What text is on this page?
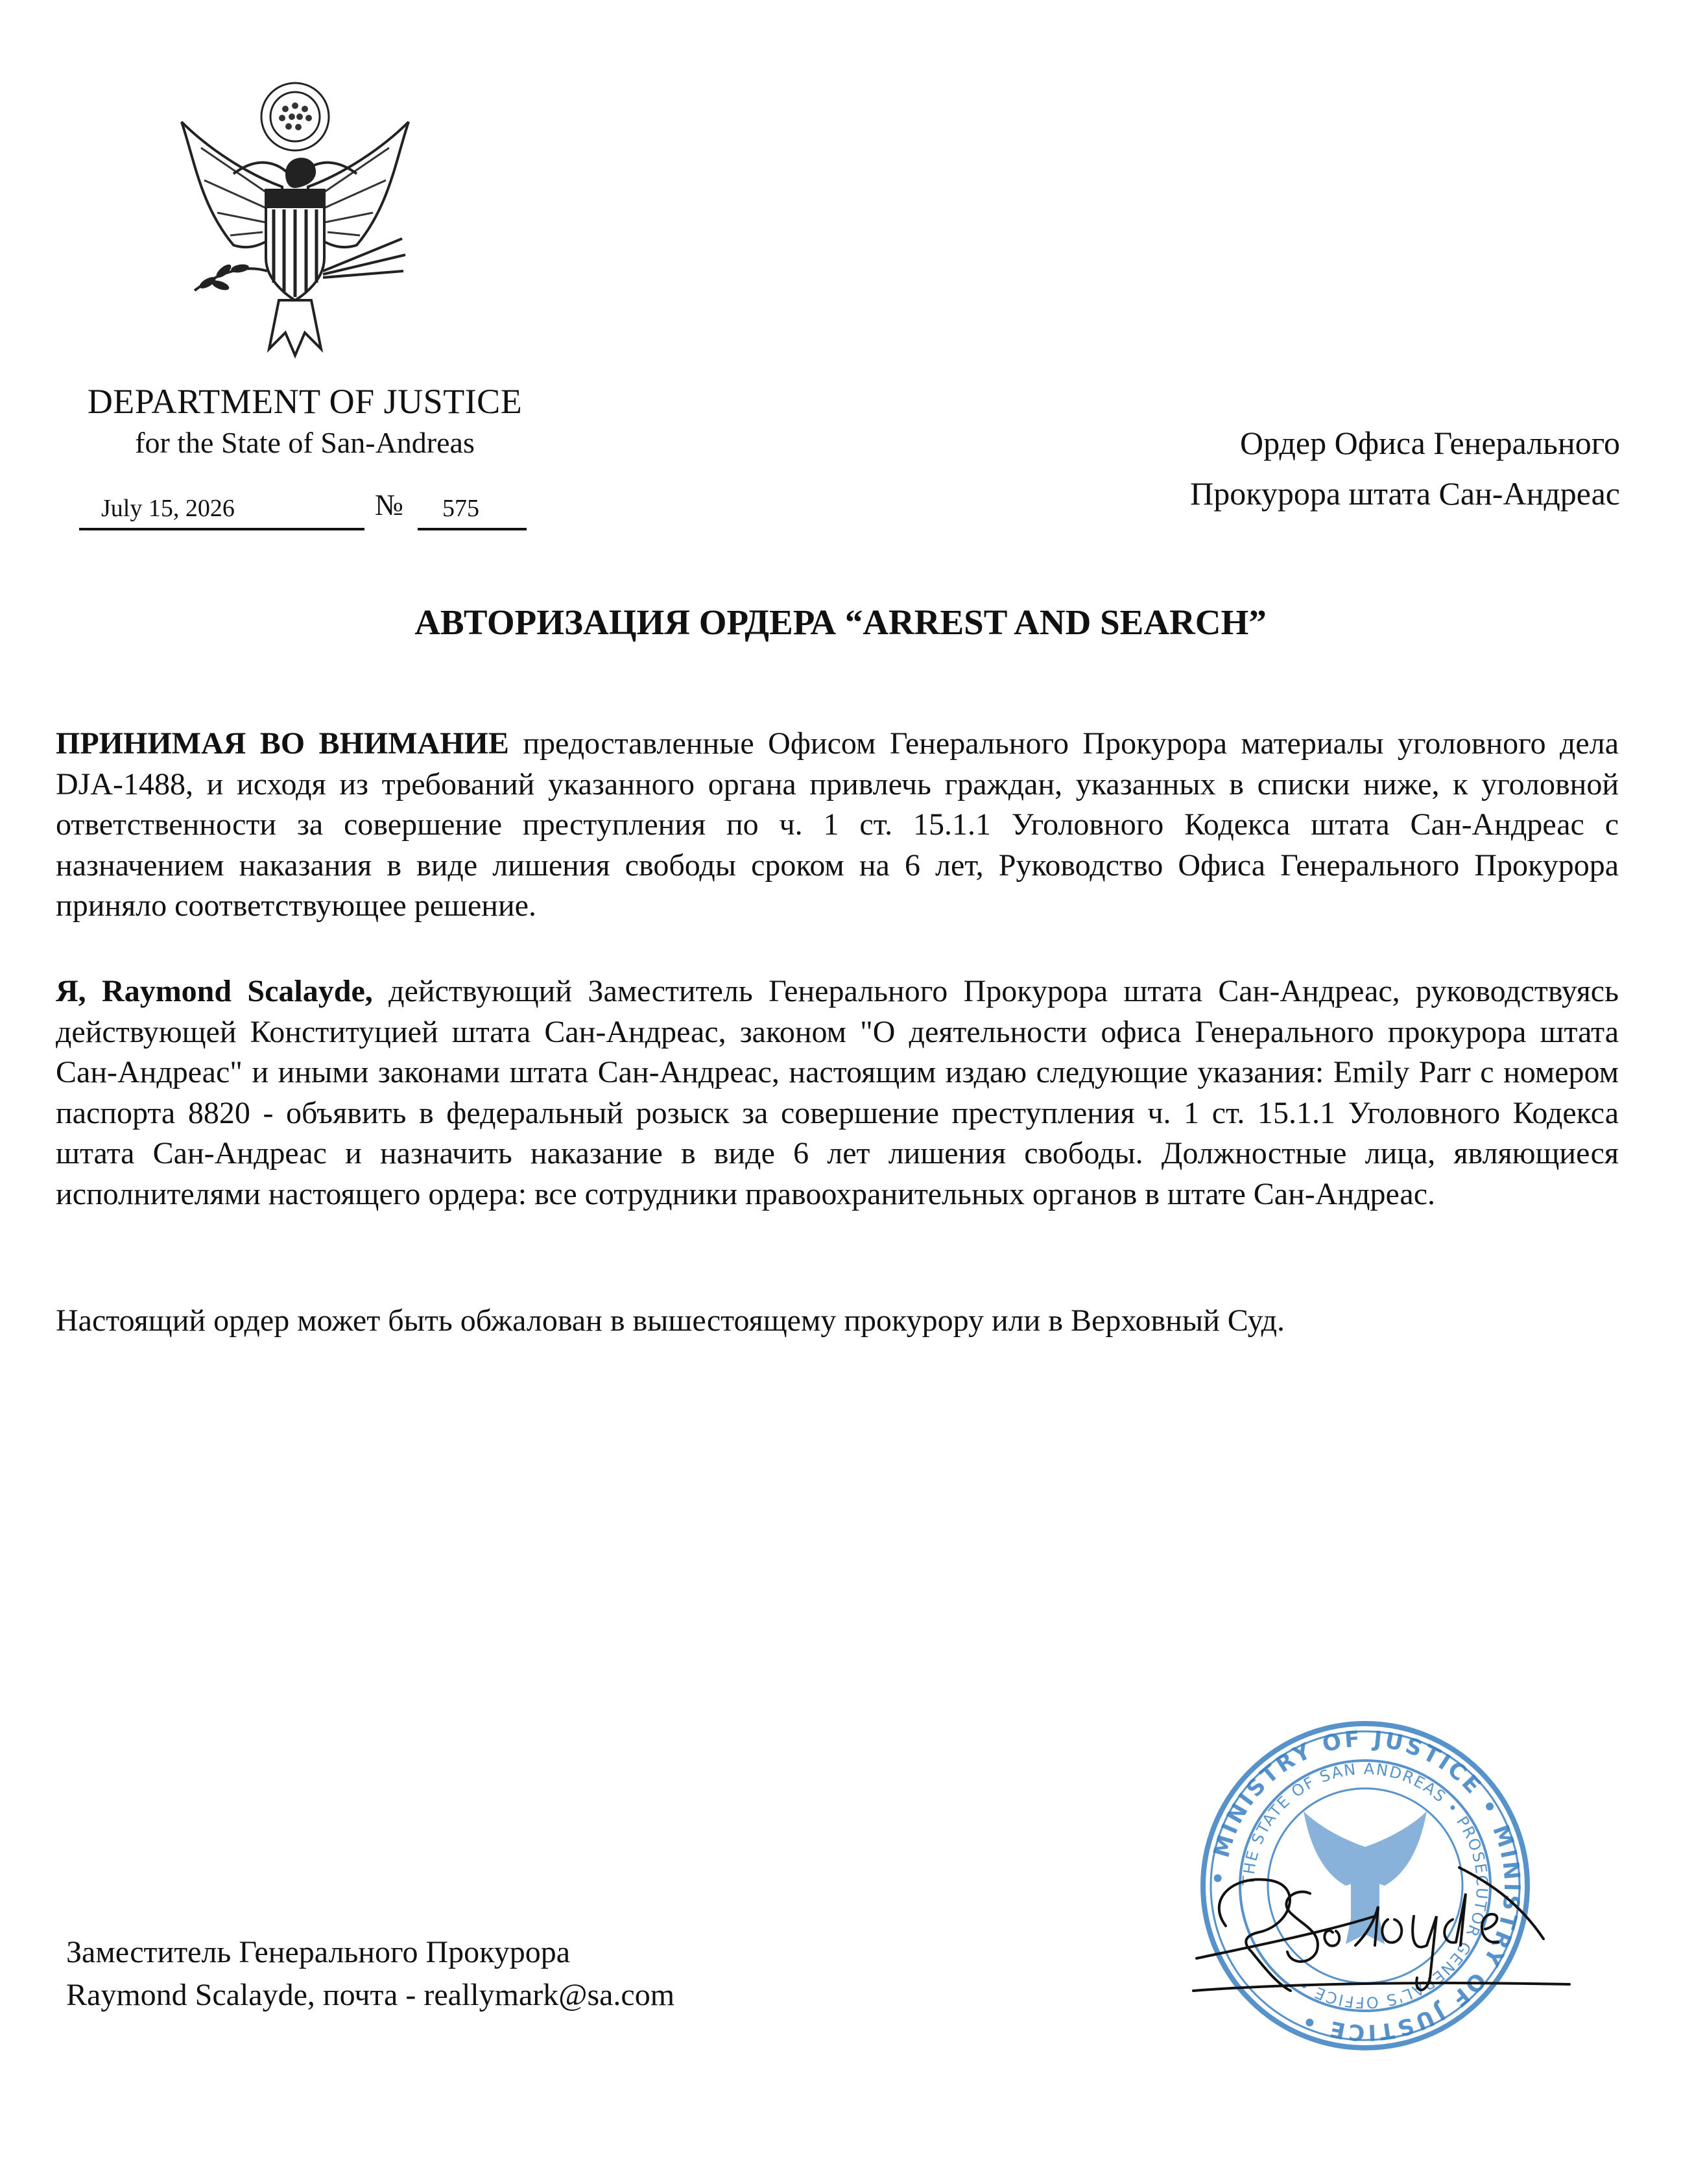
DEPARTMENT OF JUSTICE
for the State of San-Andreas
July 15, 2026	№ 575
Ордер Офиса Генерального
Прокурора штата Сан-Андреас
АВТОРИЗАЦИЯ ОРДЕРА “ARREST AND SEARCH”
ПРИНИМАЯ ВО ВНИМАНИЕ предоставленные Офисом Генерального Прокурора материалы уголовного дела DJA-1488, и исходя из требований указанного органа привлечь граждан, указанных в списки ниже, к уголовной ответственности за совершение преступления по ч. 1 ст. 15.1.1 Уголовного Кодекса штата Сан-Андреас с назначением наказания в виде лишения свободы сроком на 6 лет, Руководство Офиса Генерального Прокурора приняло соответствующее решение.
Я, Raymond Scalayde, действующий Заместитель Генерального Прокурора штата Сан-Андреас, руководствуясь действующей Конституцией штата Сан-Андреас, законом "О деятельности офиса Генерального прокурора штата Сан-Андреас" и иными законами штата Сан-Андреас, настоящим издаю следующие указания: Emily Parr с номером паспорта 8820 - объявить в федеральный розыск за совершение преступления ч. 1 ст. 15.1.1 Уголовного Кодекса штата Сан-Андреас и назначить наказание в виде 6 лет лишения свободы. Должностные лица, являющиеся исполнителями настоящего ордера: все сотрудники правоохранительных органов в штате Сан-Андреас.
Настоящий ордер может быть обжалован в вышестоящему прокурору или в Верховный Суд.
Заместитель Генерального Прокурора
Raymond Scalayde, почта - reallymark@sa.com
• MINISTRY OF JUSTICE • MINISTRY OF JUSTICE •
THE STATE OF SAN ANDREAS • PROSECUTOR GENERAL'S OFFICE •
